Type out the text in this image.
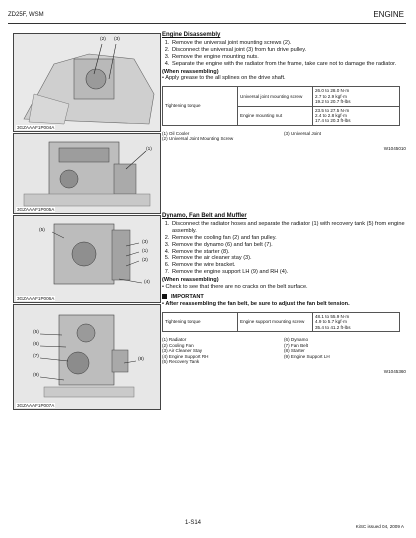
ZD25F, WSM	ENGINE
(2) (3)
3GZAAAF1P004A
(1)
3GZAAAF1P005A
(5)
(3)
(1)
(2)
(4)
3GZAAAF1P006A
(5)
(6)
(7)
(8)
(9)
3GZAAAF1P007A
Engine Disassembly
1. Remove the universal joint mounting screws (2).
2. Disconnect the universal joint (3) from fun drive pulley.
3. Remove the engine mounting nuts.
4. Separate the engine with the radiator from the frame, take care not to damage the radiator.
(When reassembling)
• Apply grease to the all splines on the drive shaft.
Tightening torque	Universal joint mounting screw	26.0 to 28.0 N·m
2.7 to 2.9 kgf·m
19.2 to 20.7 ft-lbs

	Engine mounting nut	23.5 to 27.5 N·m
2.4 to 2.8 kgf·m
17.4 to 20.3 ft-lbs
(1) Oil Cooler	(3) Universal Joint
(2) Universal Joint Mounting Screw
W1045010
Dynamo, Fan Belt and Muffler
1. Disconnect the radiator hoses and separate the radiator (1) with recovery tank (5) from engine assembly.
2. Remove the cooling fan (2) and fan pulley.
3. Remove the dynamo (6) and fan belt (7).
4. Remove the starter (8).
5. Remove the air cleaner stay (3).
6. Remove the wire bracket.
7. Remove the engine support LH (9) and RH (4).
(When reassembling)
• Check to see that there are no cracks on the belt surface.
IMPORTANT
• After reassembling the fan belt, be sure to adjust the fan belt tension.
Tightening torque	Engine support mounting screw	
48.1 to 55.9 N·m
4.9 to 5.7 kgf·m
35.4 to 41.2 ft-lbs
(1) Radiator	(6) Dynamo
(2) Cooling Fan	(7) Fan Belt
(3) Air Cleaner Stay	(8) Starter
(4) Engine Support RH	(9) Engine Support LH
(5) Recovery Tank
W1045360
1-S14
KiSC issued 04, 2009 A
